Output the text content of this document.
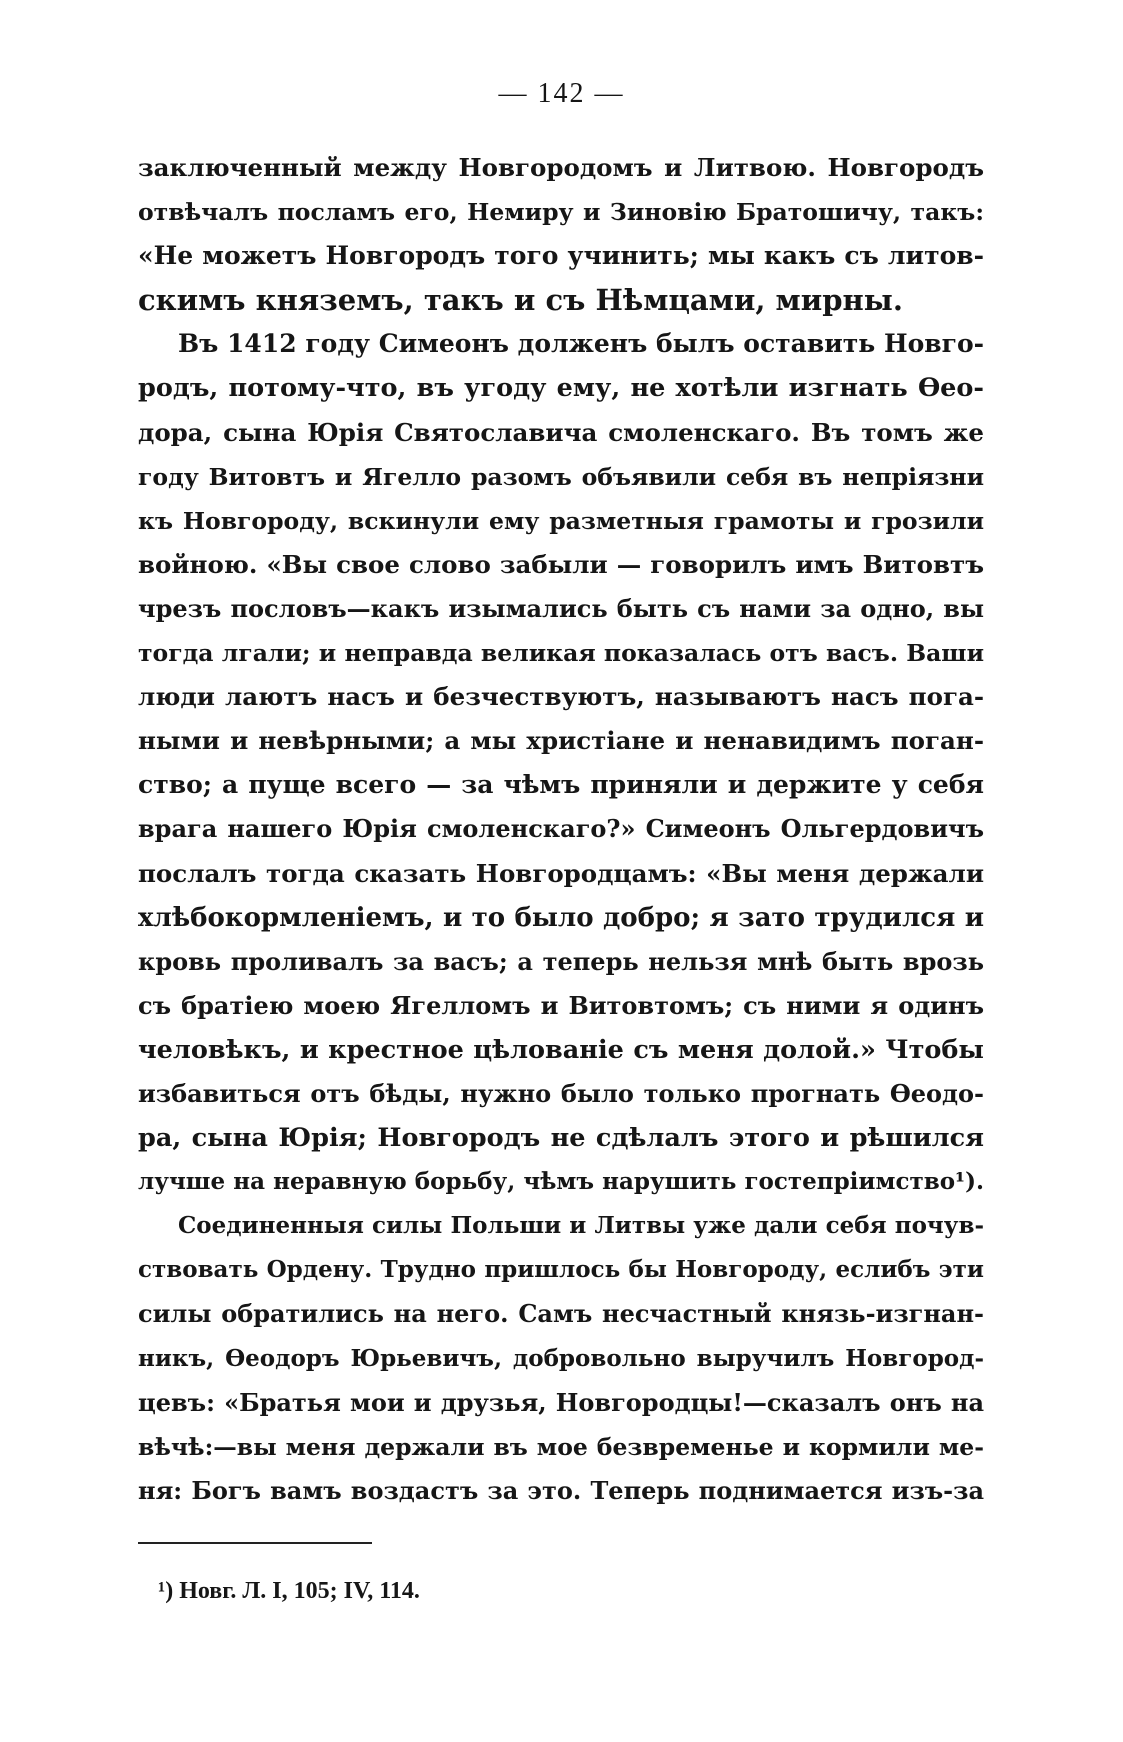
— 142 —
заключенный между Новгородомъ и Литвою. Новгородъ
отвѣчалъ посламъ его, Немиру и Зиновію Братошичу, такъ:
«Не можетъ Новгородъ того учинить; мы какъ съ литов-
скимъ княземъ, такъ и съ Нѣмцами, мирны.
Въ 1412 году Симеонъ долженъ былъ оставить Новго-
родъ, потому-что, въ угоду ему, не хотѣли изгнать Ѳео-
дора, сына Юрія Святославича смоленскаго. Въ томъ же
году Витовтъ и Ягелло разомъ объявили себя въ непріязни
къ Новгороду, вскинули ему разметныя грамоты и грозили
войною. «Вы свое слово забыли — говорилъ имъ Витовтъ
чрезъ пословъ—какъ изымались быть съ нами за одно, вы
тогда лгали; и неправда великая показалась отъ васъ. Ваши
люди лаютъ насъ и безчествуютъ, называютъ насъ пога-
ными и невѣрными; а мы христіане и ненавидимъ поган-
ство; а пуще всего — за чѣмъ приняли и держите у себя
врага нашего Юрія смоленскаго?» Симеонъ Ольгердовичъ
послалъ тогда сказать Новгородцамъ: «Вы меня держали
хлѣбокормленіемъ, и то было добро; я зато трудился и
кровь проливалъ за васъ; а теперь нельзя мнѣ быть врозь
съ братіею моею Ягелломъ и Витовтомъ; съ ними я одинъ
человѣкъ, и крестное цѣлованіе съ меня долой.» Чтобы
избавиться отъ бѣды, нужно было только прогнать Ѳеодо-
ра, сына Юрія; Новгородъ не сдѣлалъ этого и рѣшился
лучше на неравную борьбу, чѣмъ нарушить гостепріимство¹).
Соединенныя силы Польши и Литвы уже дали себя почув-
ствовать Ордену. Трудно пришлось бы Новгороду, еслибъ эти
силы обратились на него. Самъ несчастный князь-изгнан-
никъ, Ѳеодоръ Юрьевичъ, добровольно выручилъ Новгород-
цевъ: «Братья мои и друзья, Новгородцы!—сказалъ онъ на
вѣчѣ:—вы меня держали въ мое безвременье и кормили ме-
ня: Богъ вамъ воздастъ за это. Теперь поднимается изъ-за
¹) Новг. Л. I, 105; IV, 114.
